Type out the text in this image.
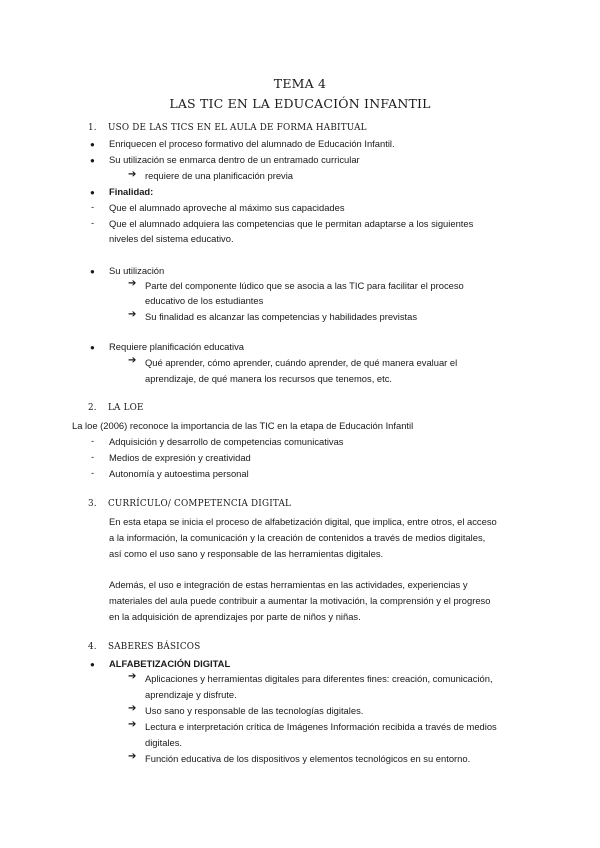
TEMA 4
LAS TIC EN LA EDUCACIÓN INFANTIL
1. USO DE LAS TICS EN EL AULA DE FORMA HABITUAL
● Enriquecen el proceso formativo del alumnado de Educación Infantil.
● Su utilización se enmarca dentro de un entramado curricular
➔ requiere de una planificación previa
● Finalidad:
- Que el alumnado aproveche al máximo sus capacidades
- Que el alumnado adquiera las competencias que le permitan adaptarse a los siguientes
niveles del sistema educativo.
● Su utilización
➔ Parte del componente lúdico que se asocia a las TIC para facilitar el proceso
educativo de los estudiantes
➔ Su finalidad es alcanzar las competencias y habilidades previstas
● Requiere planificación educativa
➔ Qué aprender, cómo aprender, cuándo aprender, de qué manera evaluar el
aprendizaje, de qué manera los recursos que tenemos, etc.
2. LA LOE
La loe (2006) reconoce la importancia de las TIC en la etapa de Educación Infantil
- Adquisición y desarrollo de competencias comunicativas
- Medios de expresión y creatividad
- Autonomía y autoestima personal
3. CURRÍCULO/ COMPETENCIA DIGITAL
En esta etapa se inicia el proceso de alfabetización digital, que implica, entre otros, el acceso
a la información, la comunicación y la creación de contenidos a través de medios digitales,
así como el uso sano y responsable de las herramientas digitales.
Además, el uso e integración de estas herramientas en las actividades, experiencias y
materiales del aula puede contribuir a aumentar la motivación, la comprensión y el progreso
en la adquisición de aprendizajes por parte de niños y niñas.
4. SABERES BÁSICOS
● ALFABETIZACIÓN DIGITAL
➔ Aplicaciones y herramientas digitales para diferentes fines: creación, comunicación,
aprendizaje y disfrute.
➔ Uso sano y responsable de las tecnologías digitales.
➔ Lectura e interpretación crítica de Imágenes Información recibida a través de medios
digitales.
➔ Función educativa de los dispositivos y elementos tecnológicos en su entorno.
